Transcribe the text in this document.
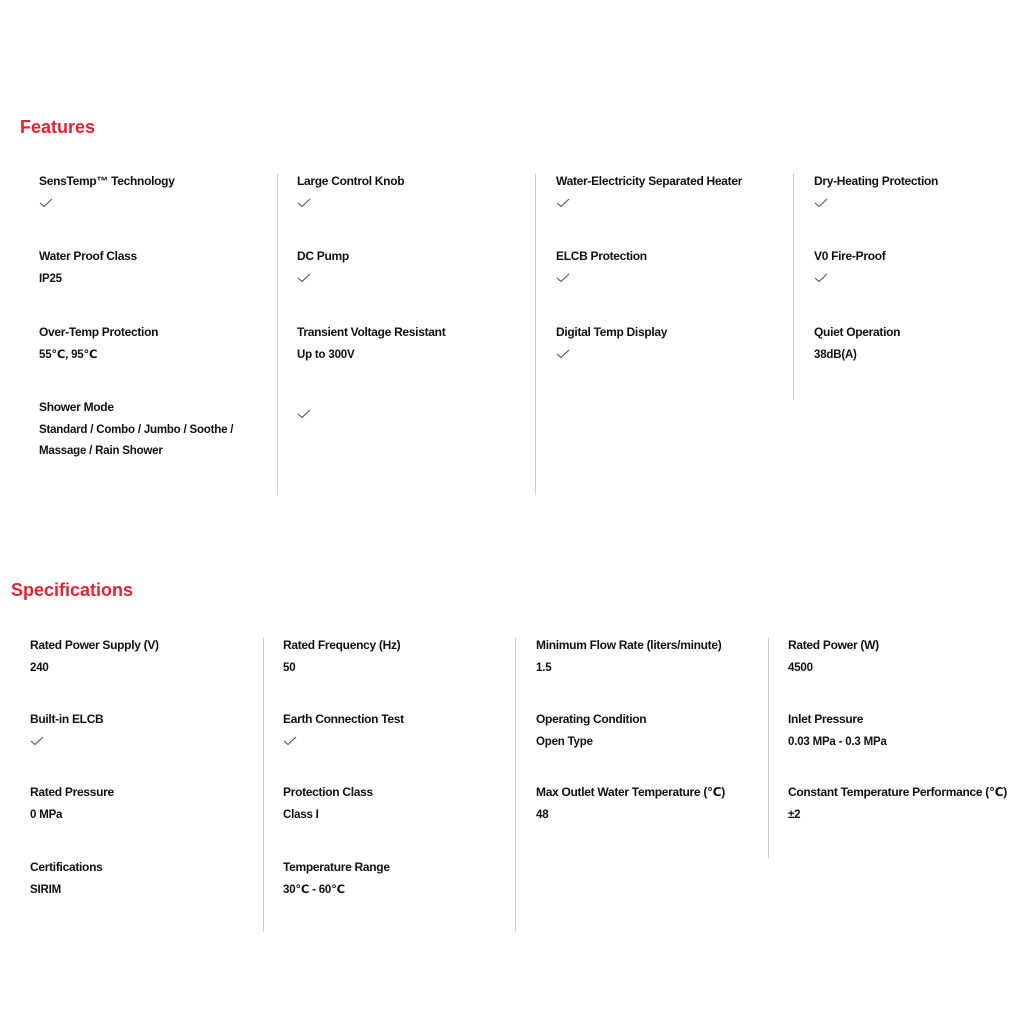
Features
SensTemp™ Technology
Water Proof Class
IP25
Over-Temp Protection
55℃, 95℃
Shower Mode
Standard / Combo / Jumbo / Soothe /
Massage / Rain Shower
Large Control Knob
DC Pump
Transient Voltage Resistant
Up to 300V
Water-Electricity Separated Heater
ELCB Protection
Digital Temp Display
Dry-Heating Protection
V0 Fire-Proof
Quiet Operation
38dB(A)
Specifications
Rated Power Supply (V)
240
Built-in ELCB
Rated Pressure
0 MPa
Certifications
SIRIM
Rated Frequency (Hz)
50
Earth Connection Test
Protection Class
Class I
Temperature Range
30℃ - 60℃
Minimum Flow Rate (liters/minute)
1.5
Operating Condition
Open Type
Max Outlet Water Temperature (℃)
48
Rated Power (W)
4500
Inlet Pressure
0.03 MPa - 0.3 MPa
Constant Temperature Performance (℃)
±2
